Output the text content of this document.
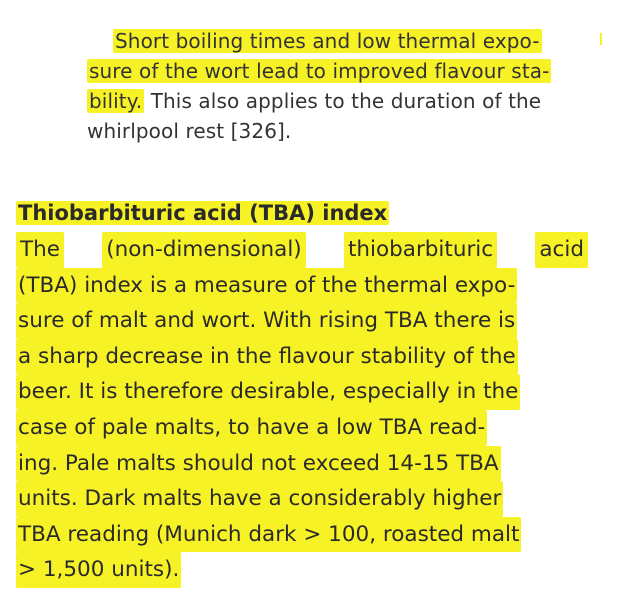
Short boiling times and low thermal expo-
sure of the wort lead to improved flavour sta-
bility. This also applies to the duration of the
whirlpool rest [326].
Thiobarbituric acid (TBA) index
The (non-dimensional) thiobarbituric acid
(TBA) index is a measure of the thermal expo-
sure of malt and wort. With rising TBA there is
a sharp decrease in the flavour stability of the
beer. It is therefore desirable, especially in the
case of pale malts, to have a low TBA read-
ing. Pale malts should not exceed 14-15 TBA
units. Dark malts have a considerably higher
TBA reading (Munich dark > 100, roasted malt
> 1,500 units).
